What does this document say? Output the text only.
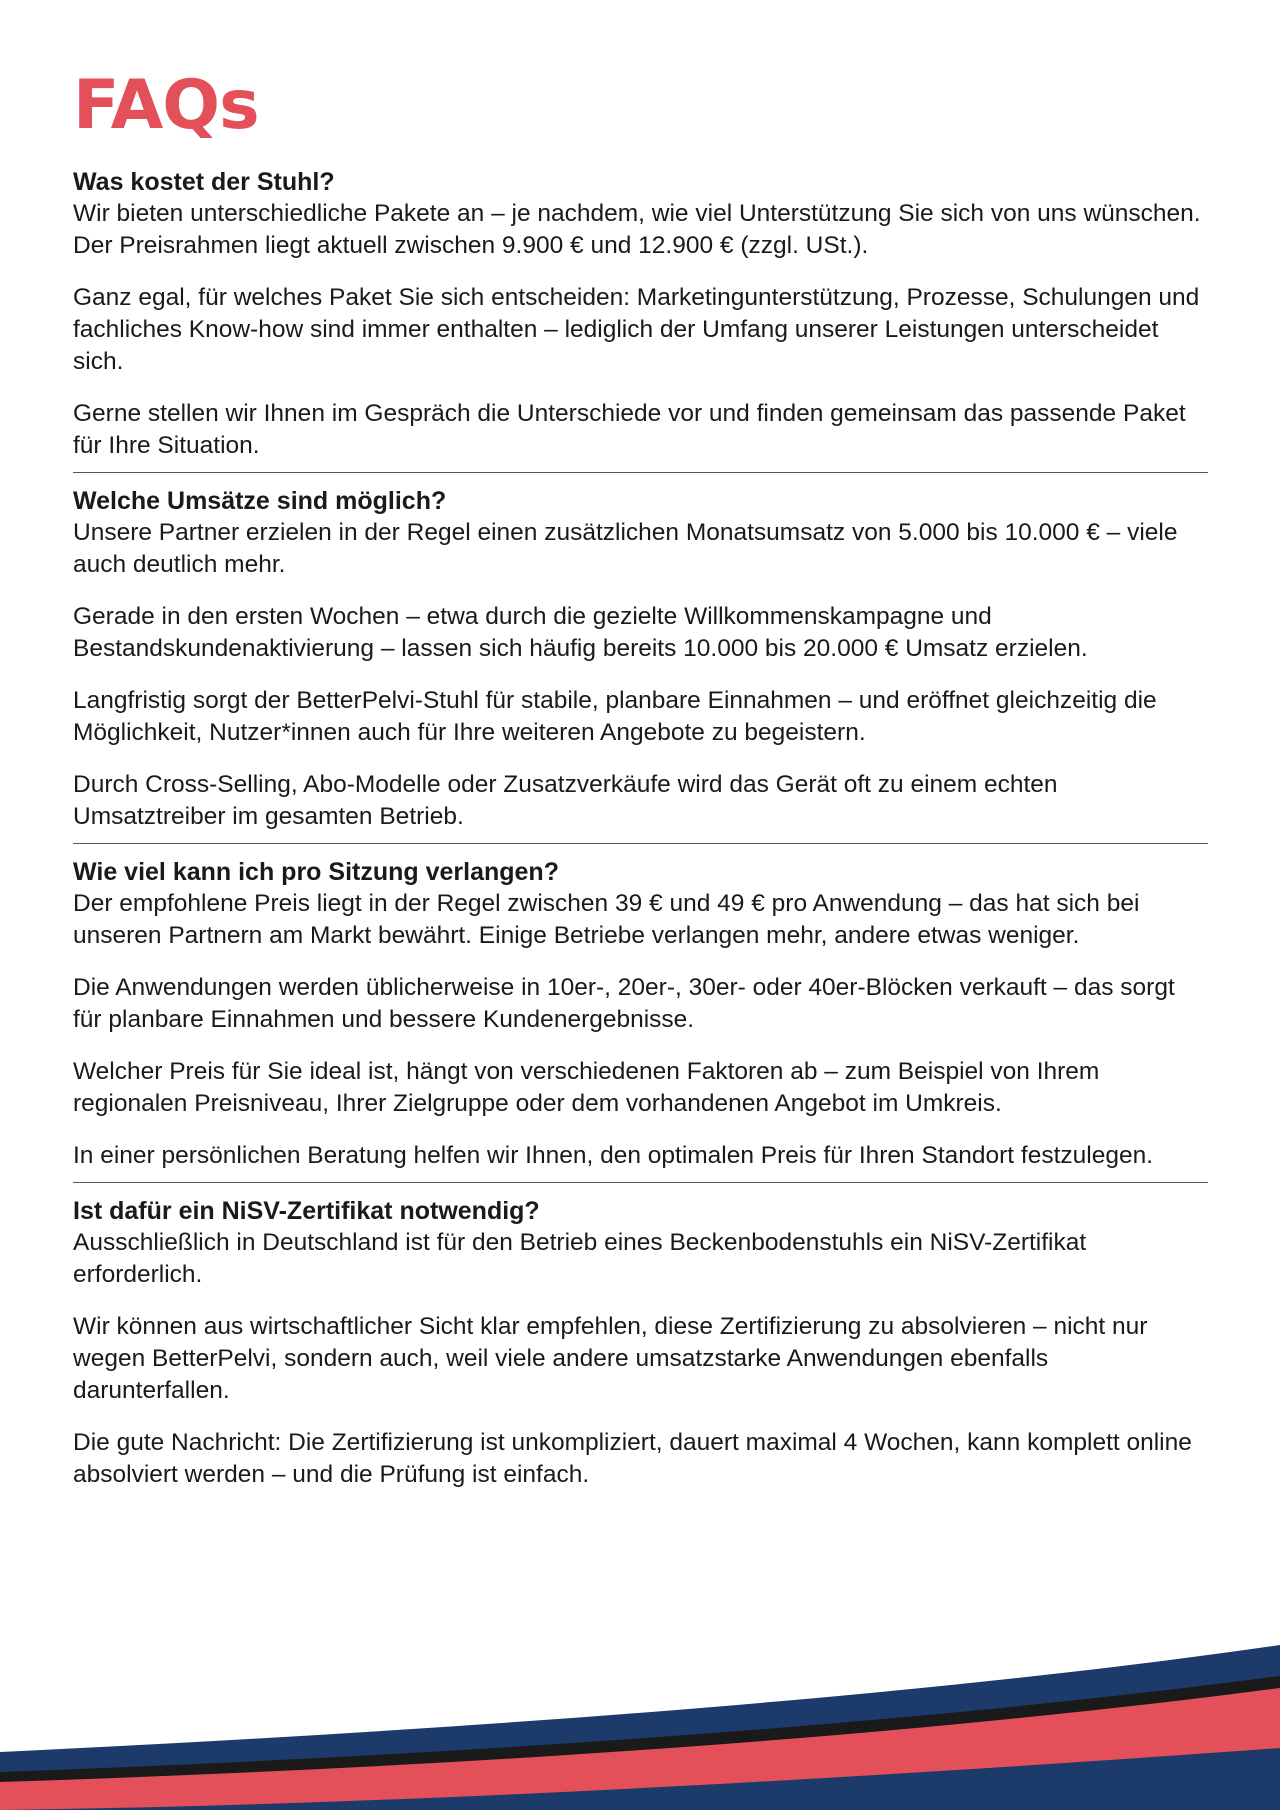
FAQs
Was kostet der Stuhl?

Wir bieten unterschiedliche Pakete an – je nachdem, wie viel Unterstützung Sie sich von uns wünschen. Der Preisrahmen liegt aktuell zwischen 9.900 € und 12.900 € (zzgl. USt.).

Ganz egal, für welches Paket Sie sich entscheiden: Marketingunterstützung, Prozesse, Schulungen und fachliches Know-how sind immer enthalten – lediglich der Umfang unserer Leistungen unterscheidet sich.

Gerne stellen wir Ihnen im Gespräch die Unterschiede vor und finden gemeinsam das passende Paket für Ihre Situation.

Welche Umsätze sind möglich?

Unsere Partner erzielen in der Regel einen zusätzlichen Monatsumsatz von 5.000 bis 10.000 € – viele auch deutlich mehr.

Gerade in den ersten Wochen – etwa durch die gezielte Willkommenskampagne und Bestandskundenaktivierung – lassen sich häufig bereits 10.000 bis 20.000 € Umsatz erzielen.

Langfristig sorgt der BetterPelvi-Stuhl für stabile, planbare Einnahmen – und eröffnet gleichzeitig die Möglichkeit, Nutzer*innen auch für Ihre weiteren Angebote zu begeistern.

Durch Cross-Selling, Abo-Modelle oder Zusatzverkäufe wird das Gerät oft zu einem echten Umsatztreiber im gesamten Betrieb.

Wie viel kann ich pro Sitzung verlangen?

Der empfohlene Preis liegt in der Regel zwischen 39 € und 49 € pro Anwendung – das hat sich bei unseren Partnern am Markt bewährt. Einige Betriebe verlangen mehr, andere etwas weniger.

Die Anwendungen werden üblicherweise in 10er-, 20er-, 30er- oder 40er-Blöcken verkauft – das sorgt für planbare Einnahmen und bessere Kundenergebnisse.

Welcher Preis für Sie ideal ist, hängt von verschiedenen Faktoren ab – zum Beispiel von Ihrem regionalen Preisniveau, Ihrer Zielgruppe oder dem vorhandenen Angebot im Umkreis.

In einer persönlichen Beratung helfen wir Ihnen, den optimalen Preis für Ihren Standort festzulegen.

Ist dafür ein NiSV-Zertifikat notwendig?

Ausschließlich in Deutschland ist für den Betrieb eines Beckenbodenstuhls ein NiSV-Zertifikat erforderlich.

Wir können aus wirtschaftlicher Sicht klar empfehlen, diese Zertifizierung zu absolvieren – nicht nur wegen BetterPelvi, sondern auch, weil viele andere umsatzstarke Anwendungen ebenfalls darunterfallen.

Die gute Nachricht: Die Zertifizierung ist unkompliziert, dauert maximal 4 Wochen, kann komplett online absolviert werden – und die Prüfung ist einfach.
